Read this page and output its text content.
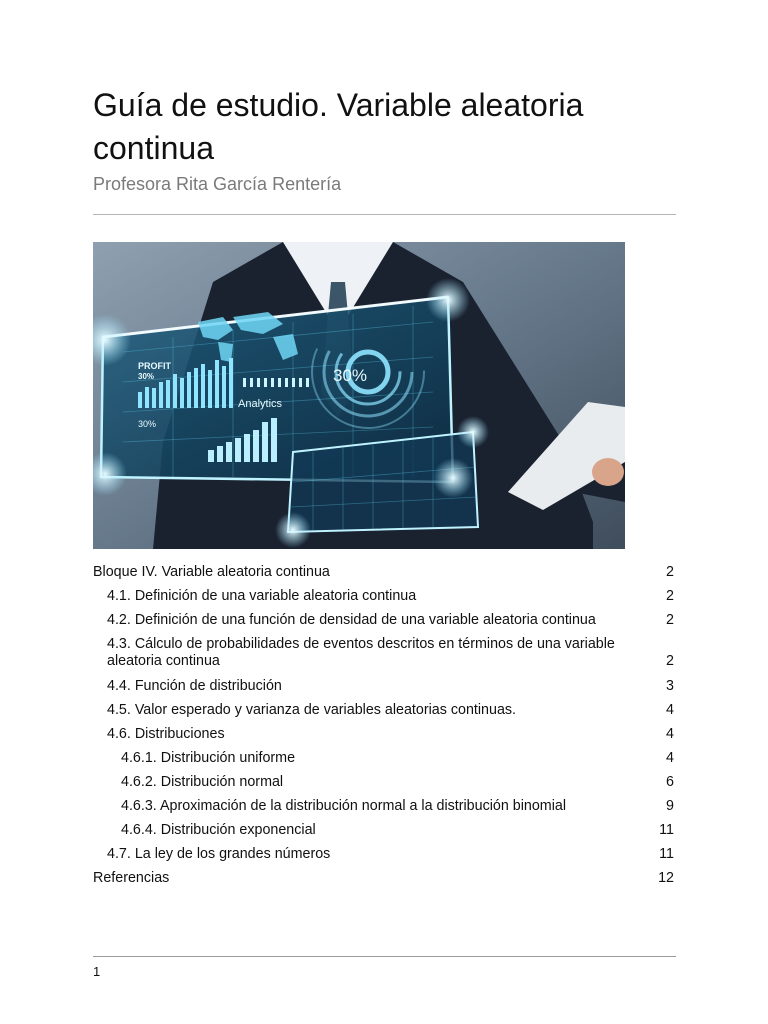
Guía de estudio. Variable aleatoria continua

Profesora Rita García Rentería

PROFIT
30%
Analytics
30%
30%
Bloque IV. Variable aleatoria continua	2
4.1. Definición de una variable aleatoria continua	2
4.2. Definición de una función de densidad de una variable aleatoria continua	2
4.3. Cálculo de probabilidades de eventos descritos en términos de una variable aleatoria continua	2
4.4. Función de distribución	3
4.5. Valor esperado y varianza de variables aleatorias continuas.	4
4.6. Distribuciones	4
4.6.1. Distribución uniforme	4
4.6.2. Distribución normal	6
4.6.3. Aproximación de la distribución normal a la distribución binomial	9
4.6.4. Distribución exponencial	11
4.7. La ley de los grandes números	11
Referencias	12
1
